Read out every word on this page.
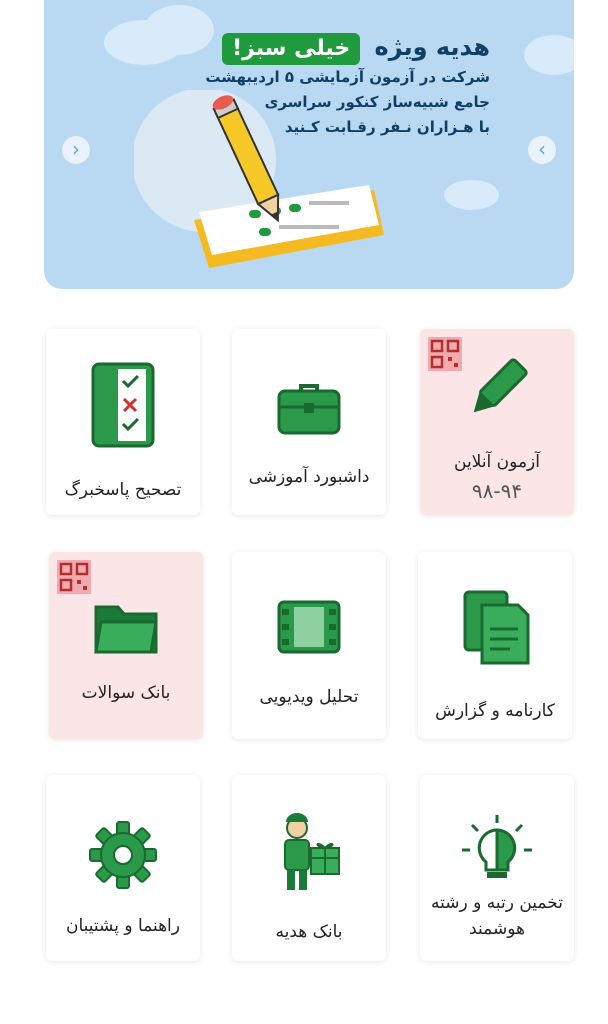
هدیه ویژه خیلی سبز!
شرکت در آزمون آزمایشی ۵ اردیبهشت
جامع شبیه‌ساز کنکور سراسری
با هـزاران نـفر رقـابت کـنید
‹	›
آزمون آنلاین
۹۸-۹۴
داشبورد آموزشی
تصحیح پاسخبرگ
کارنامه و گزارش
تحلیل ویدیویی
بانک سوالات
تخمین رتبه و رشته هوشمند
بانک هدیه
راهنما و پشتیبان
